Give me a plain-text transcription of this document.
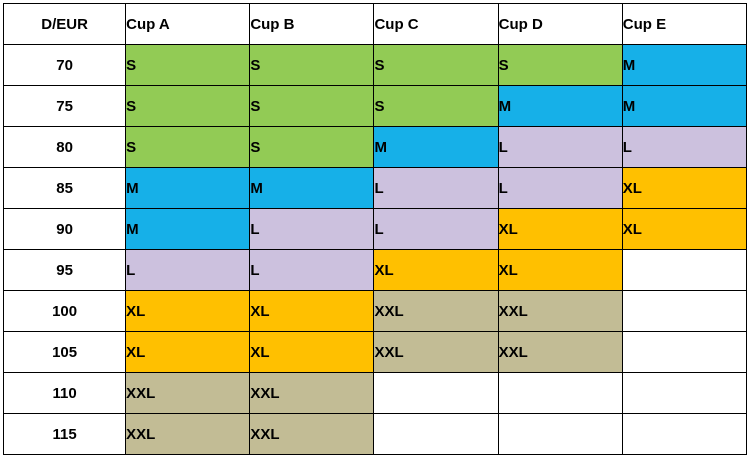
D/EUR	Cup A	Cup B	Cup C	Cup D	Cup E
70	S	S	S	S	M
75	S	S	S	M	M
80	S	S	M	L	L
85	M	M	L	L	XL
90	M	L	L	XL	XL
95	L	L	XL	XL	
100	XL	XL	XXL	XXL	
105	XL	XL	XXL	XXL	
110	XXL	XXL			
115	XXL	XXL			
